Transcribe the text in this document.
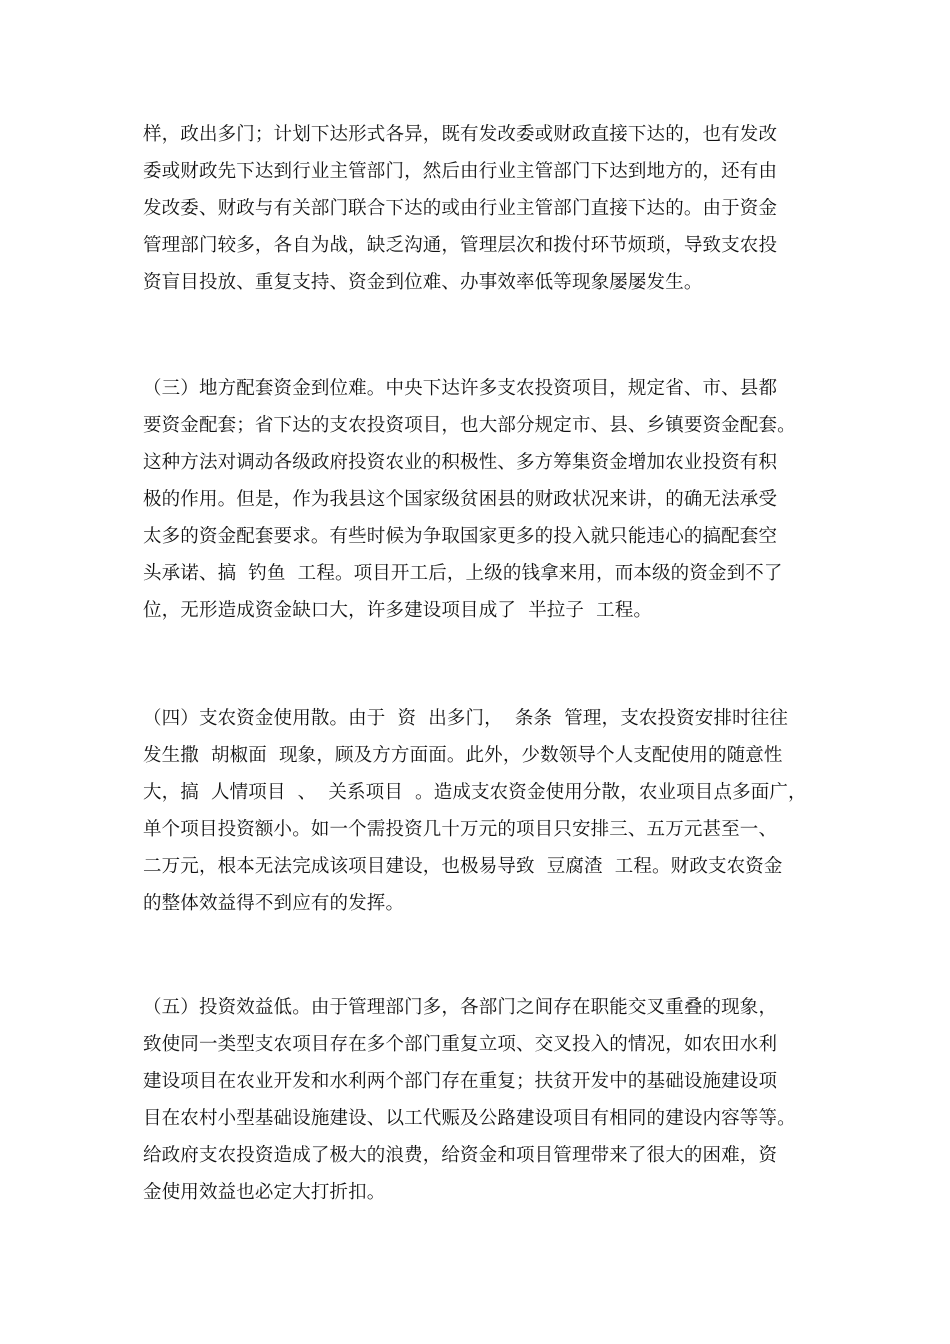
样，政出多门；计划下达形式各异，既有发改委或财政直接下达的，也有发改
委或财政先下达到行业主管部门，然后由行业主管部门下达到地方的，还有由
发改委、财政与有关部门联合下达的或由行业主管部门直接下达的。由于资金
管理部门较多，各自为战，缺乏沟通，管理层次和拨付环节烦琐，导致支农投
资盲目投放、重复支持、资金到位难、办事效率低等现象屡屡发生。
（三）地方配套资金到位难。中央下达许多支农投资项目，规定省、市、县都
要资金配套；省下达的支农投资项目，也大部分规定市、县、乡镇要资金配套。
这种方法对调动各级政府投资农业的积极性、多方筹集资金增加农业投资有积
极的作用。但是，作为我县这个国家级贫困县的财政状况来讲，的确无法承受
太多的资金配套要求。有些时候为争取国家更多的投入就只能违心的搞配套空
头承诺、搞  钓鱼  工程。项目开工后，上级的钱拿来用，而本级的资金到不了
位，无形造成资金缺口大，许多建设项目成了  半拉子  工程。
（四）支农资金使用散。由于  资  出多门，  条条  管理，支农投资安排时往往
发生撒  胡椒面  现象，顾及方方面面。此外，少数领导个人支配使用的随意性
大，搞  人情项目  、  关系项目  。造成支农资金使用分散，农业项目点多面广，
单个项目投资额小。如一个需投资几十万元的项目只安排三、五万元甚至一、
二万元，根本无法完成该项目建设，也极易导致  豆腐渣  工程。财政支农资金
的整体效益得不到应有的发挥。
（五）投资效益低。由于管理部门多，各部门之间存在职能交叉重叠的现象，
致使同一类型支农项目存在多个部门重复立项、交叉投入的情况，如农田水利
建设项目在农业开发和水利两个部门存在重复；扶贫开发中的基础设施建设项
目在农村小型基础设施建设、以工代赈及公路建设项目有相同的建设内容等等。
给政府支农投资造成了极大的浪费，给资金和项目管理带来了很大的困难，资
金使用效益也必定大打折扣。
